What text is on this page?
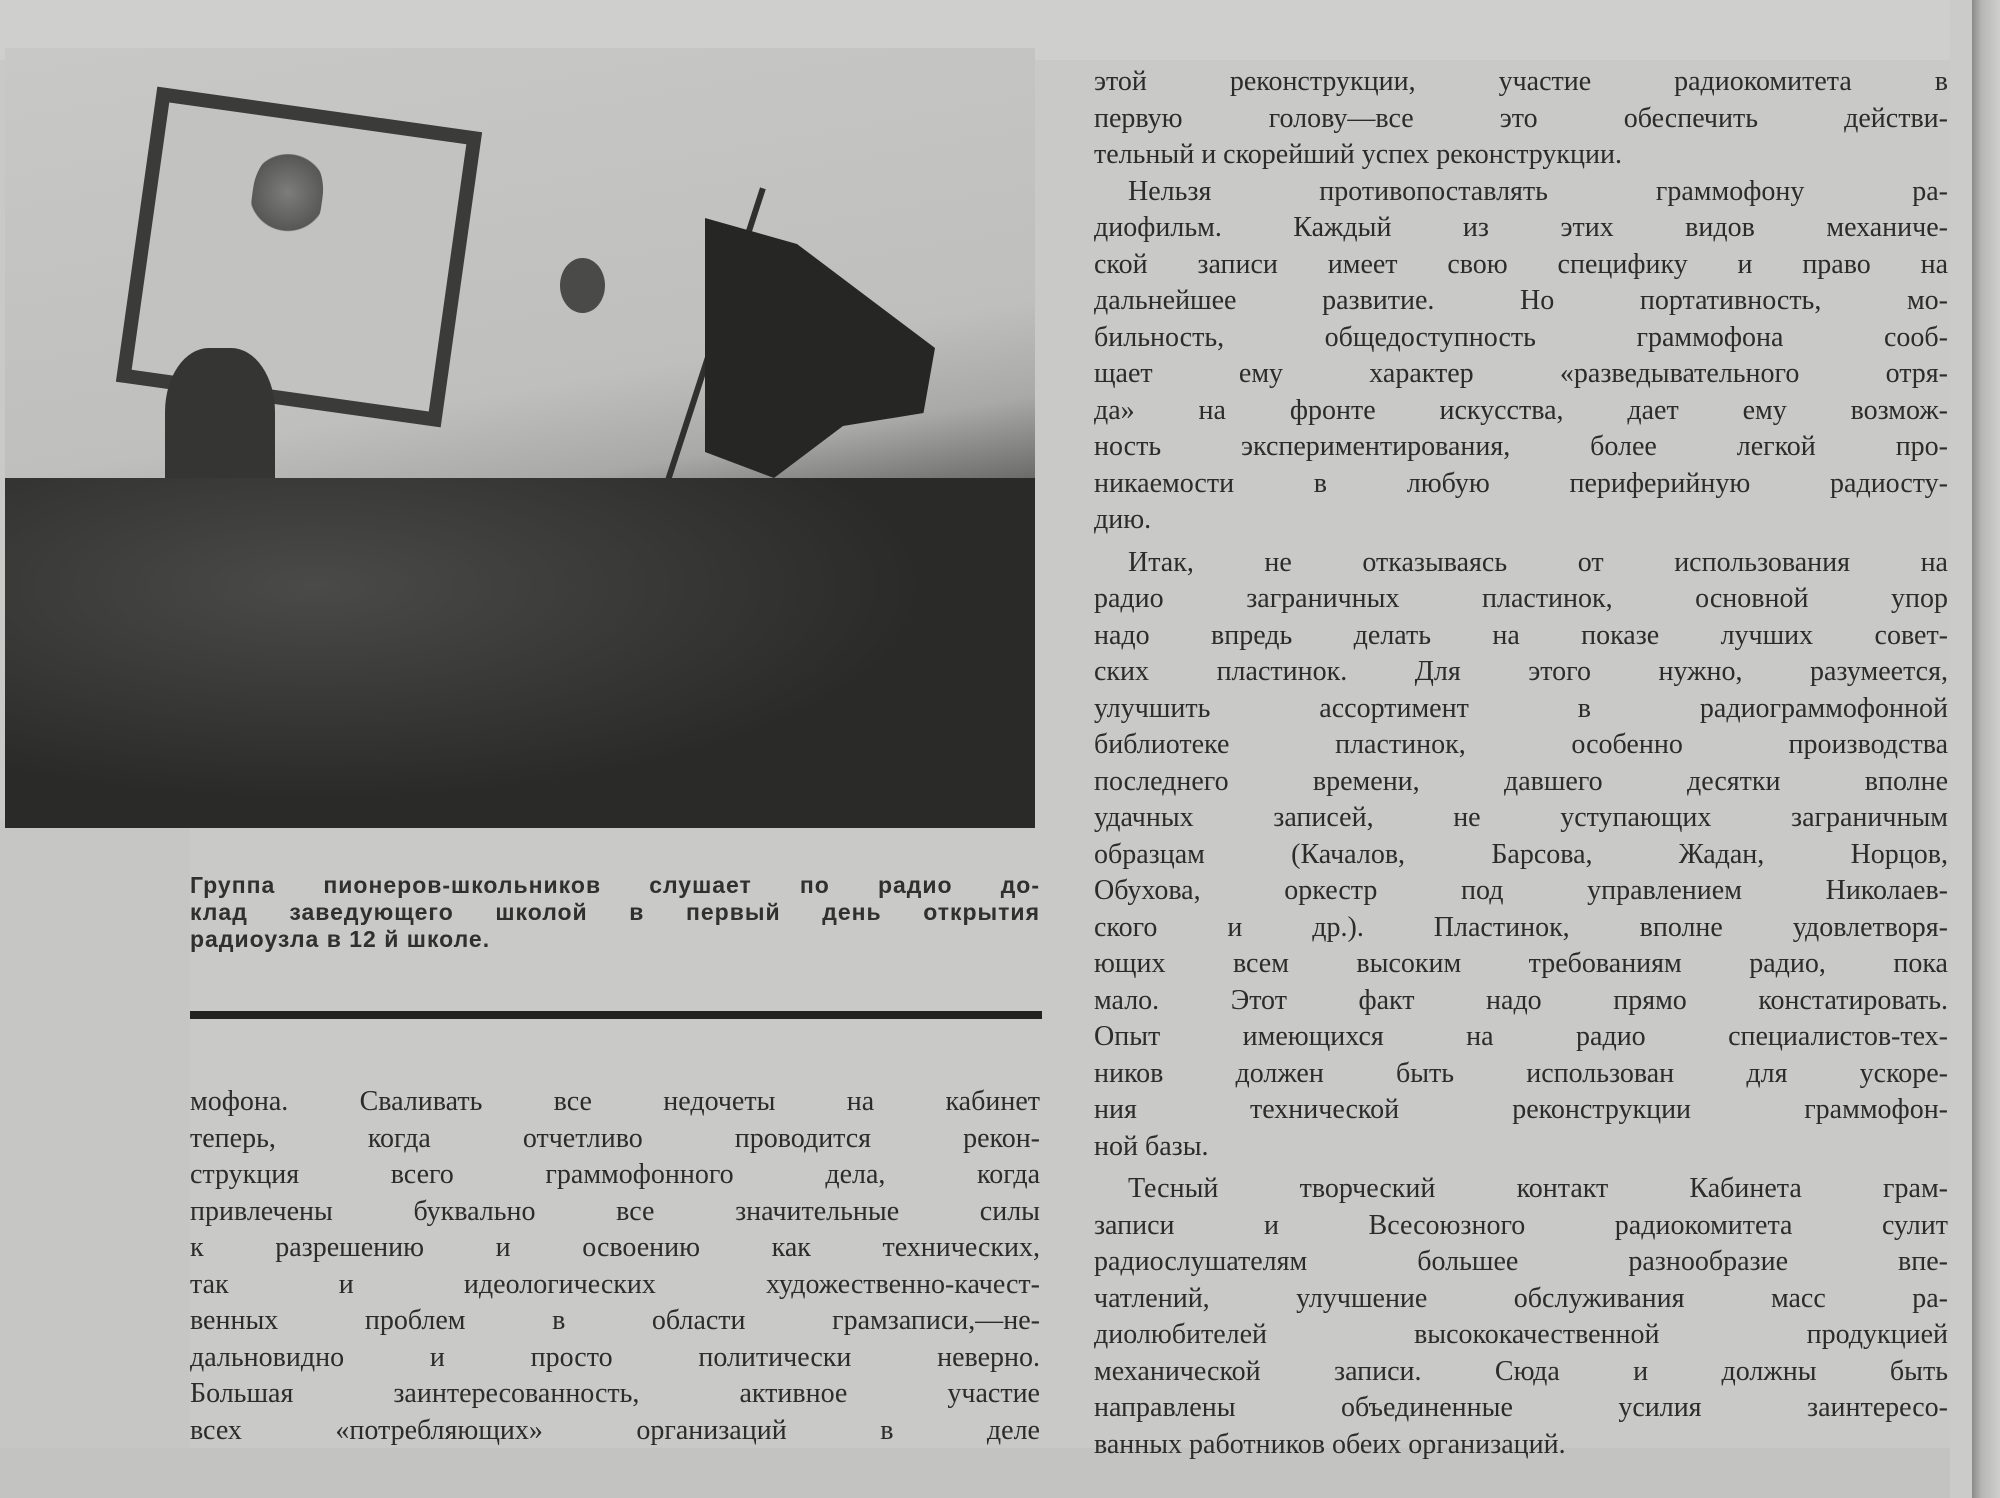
Группа пионеров-школьников слушает по радио до-
клад заведующего школой в первый день открытия
радиоузла в 12 й школе.
мофона. Сваливать все недочеты на кабинет
теперь, когда отчетливо проводится рекон-
струкция всего граммофонного дела, когда
привлечены буквально все значительные силы
к разрешению и освоению как технических,
так и идеологических художественно-качест-
венных проблем в области грамзаписи,—не-
дальновидно и просто политически неверно.
Большая заинтересованность, активное участие
всех «потребляющих» организаций в деле
этой реконструкции, участие радиокомитета в
первую голову—все это обеспечить действи-
тельный и скорейший успех реконструкции.
Нельзя противопоставлять граммофону ра-
диофильм. Каждый из этих видов механиче-
ской записи имеет свою специфику и право на
дальнейшее развитие. Но портативность, мо-
бильность, общедоступность граммофона сооб-
щает ему характер «разведывательного отря-
да» на фронте искусства, дает ему возмож-
ность экспериментирования, более легкой про-
никаемости в любую периферийную радиосту-
дию.
Итак, не отказываясь от использования на
радио заграничных пластинок, основной упор
надо впредь делать на показе лучших совет-
ских пластинок. Для этого нужно, разумеется,
улучшить ассортимент в радиограммофонной
библиотеке пластинок, особенно производства
последнего времени, давшего десятки вполне
удачных записей, не уступающих заграничным
образцам (Качалов, Барсова, Жадан, Норцов,
Обухова, оркестр под управлением Николаев-
ского и др.). Пластинок, вполне удовлетворя-
ющих всем высоким требованиям радио, пока
мало. Этот факт надо прямо констатировать.
Опыт имеющихся на радио специалистов-тех-
ников должен быть использован для ускоре-
ния технической реконструкции граммофон-
ной базы.
Тесный творческий контакт Кабинета грам-
записи и Всесоюзного радиокомитета сулит
радиослушателям большее разнообразие впе-
чатлений, улучшение обслуживания масс ра-
диолюбителей высококачественной продукцией
механической записи. Сюда и должны быть
направлены объединенные усилия заинтересо-
ванных работников обеих организаций.
